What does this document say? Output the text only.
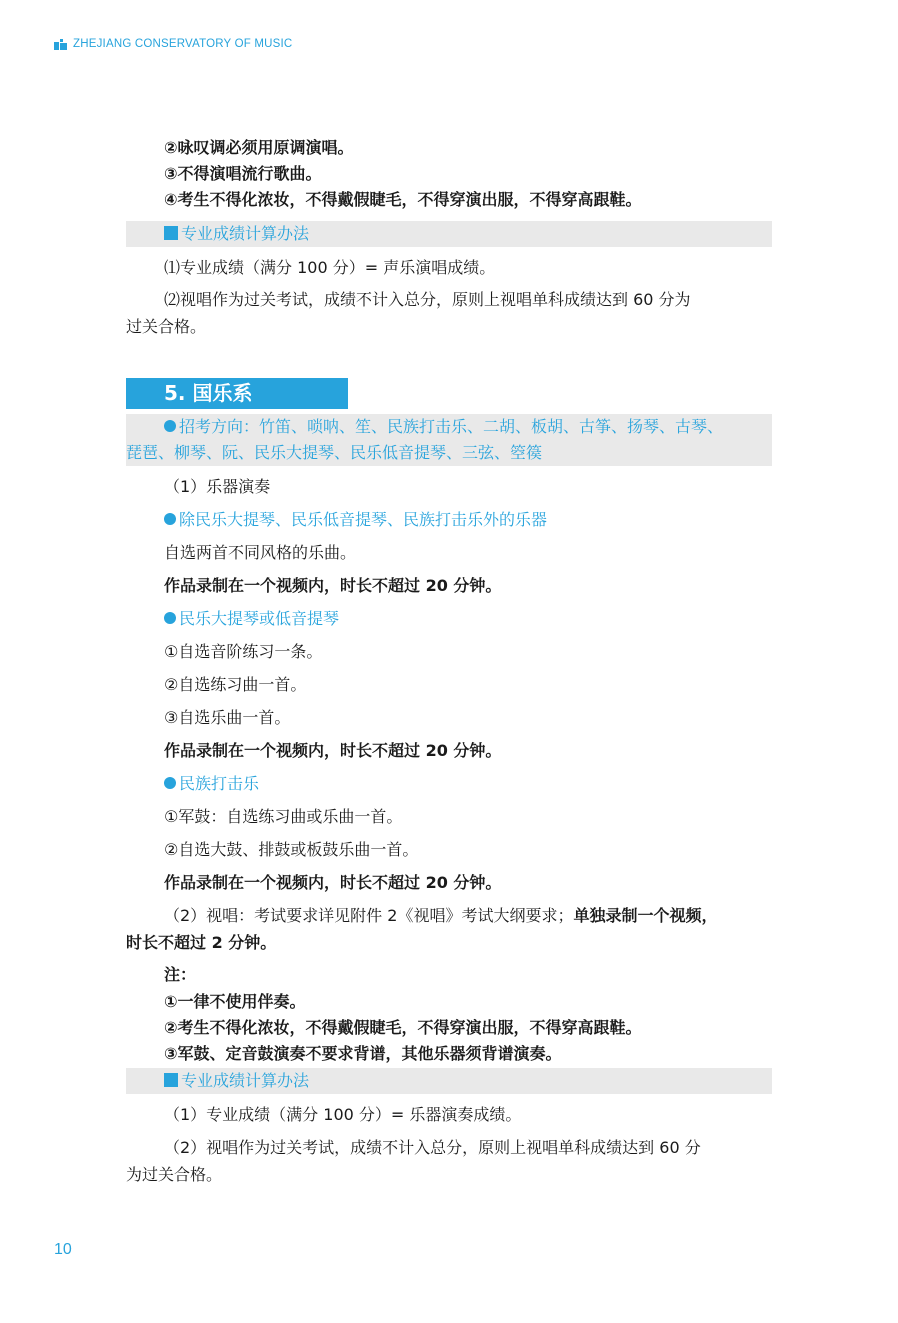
ZHEJIANG CONSERVATORY OF MUSIC
②咏叹调必须用原调演唱。
③不得演唱流行歌曲。
④考生不得化浓妆，不得戴假睫毛，不得穿演出服，不得穿高跟鞋。
专业成绩计算办法
⑴专业成绩（满分 100 分）= 声乐演唱成绩。
⑵视唱作为过关考试，成绩不计入总分，原则上视唱单科成绩达到 60 分为
过关合格。
5. 国乐系
招考方向：竹笛、唢呐、笙、民族打击乐、二胡、板胡、古筝、扬琴、古琴、
琵琶、柳琴、阮、民乐大提琴、民乐低音提琴、三弦、箜篌
（1）乐器演奏
除民乐大提琴、民乐低音提琴、民族打击乐外的乐器
自选两首不同风格的乐曲。
作品录制在一个视频内，时长不超过 20 分钟。
民乐大提琴或低音提琴
①自选音阶练习一条。
②自选练习曲一首。
③自选乐曲一首。
作品录制在一个视频内，时长不超过 20 分钟。
民族打击乐
①军鼓：自选练习曲或乐曲一首。
②自选大鼓、排鼓或板鼓乐曲一首。
作品录制在一个视频内，时长不超过 20 分钟。
（2）视唱：考试要求详见附件 2《视唱》考试大纲要求；单独录制一个视频，
时长不超过 2 分钟。
注：
①一律不使用伴奏。
②考生不得化浓妆，不得戴假睫毛，不得穿演出服，不得穿高跟鞋。
③军鼓、定音鼓演奏不要求背谱，其他乐器须背谱演奏。
专业成绩计算办法
（1）专业成绩（满分 100 分）= 乐器演奏成绩。
（2）视唱作为过关考试，成绩不计入总分，原则上视唱单科成绩达到 60 分
为过关合格。
10
